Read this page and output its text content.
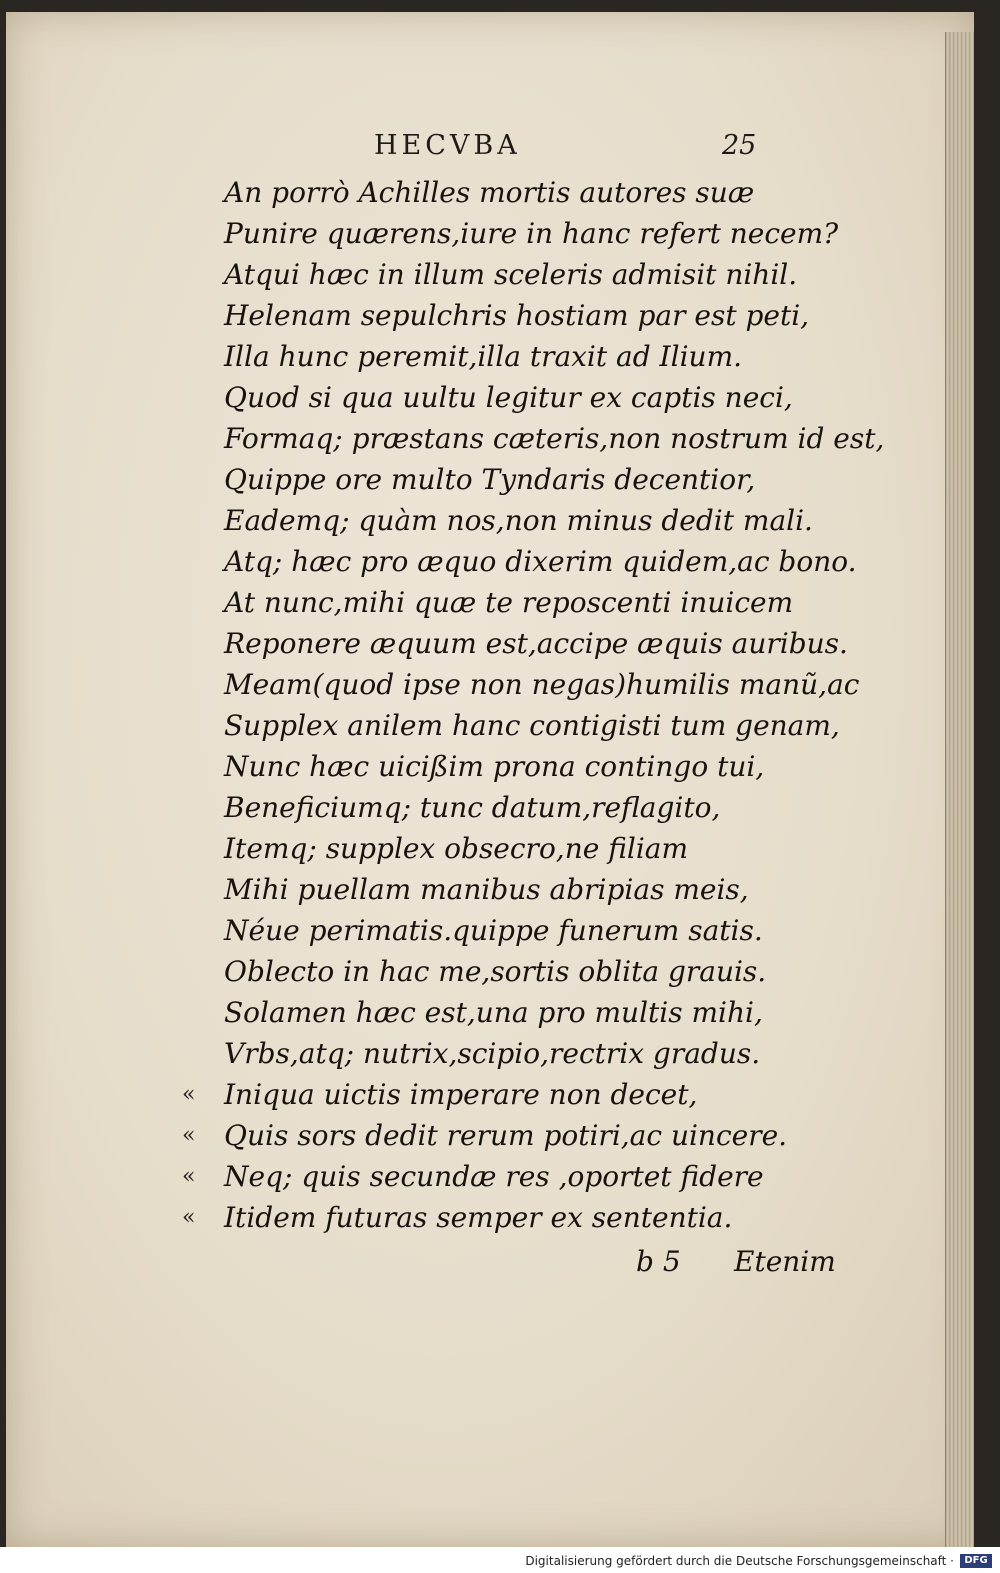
HECVBA	25
An porrò Achilles mortis autores suæ
Punire quærens,iure in hanc refert necem?
Atqui hæc in illum sceleris admisit nihil.
Helenam sepulchris hostiam par est peti,
Illa hunc peremit,illa traxit ad Ilium.
Quod si qua uultu legitur ex captis neci,
Formaq; præstans cæteris,non nostrum id est,
Quippe ore multo Tyndaris decentior,
Eademq; quàm nos,non minus dedit mali.
Atq; hæc pro æquo dixerim quidem,ac bono.
At nunc,mihi quæ te reposcenti inuicem
Reponere æquum est,accipe æquis auribus.
Meam(quod ipse non negas)humilis manũ,ac
Supplex anilem hanc contigisti tum genam,
Nunc hæc uicißim prona contingo tui,
Beneficiumq; tunc datum,reflagito,
Itemq; supplex obsecro,ne filiam
Mihi puellam manibus abripias meis,
Néue perimatis.quippe funerum satis.
Oblecto in hac me,sortis oblita grauis.
Solamen hæc est,una pro multis mihi,
Vrbs,atq; nutrix,scipio,rectrix gradus.
« Iniqua uictis imperare non decet,
« Quis sors dedit rerum potiri,ac uincere.
« Neq; quis secundæ res ,oportet fidere
« Itidem futuras semper ex sententia.
b 5 Etenim
Digitalisierung gefördert durch die Deutsche Forschungsgemeinschaft ·	DFG
